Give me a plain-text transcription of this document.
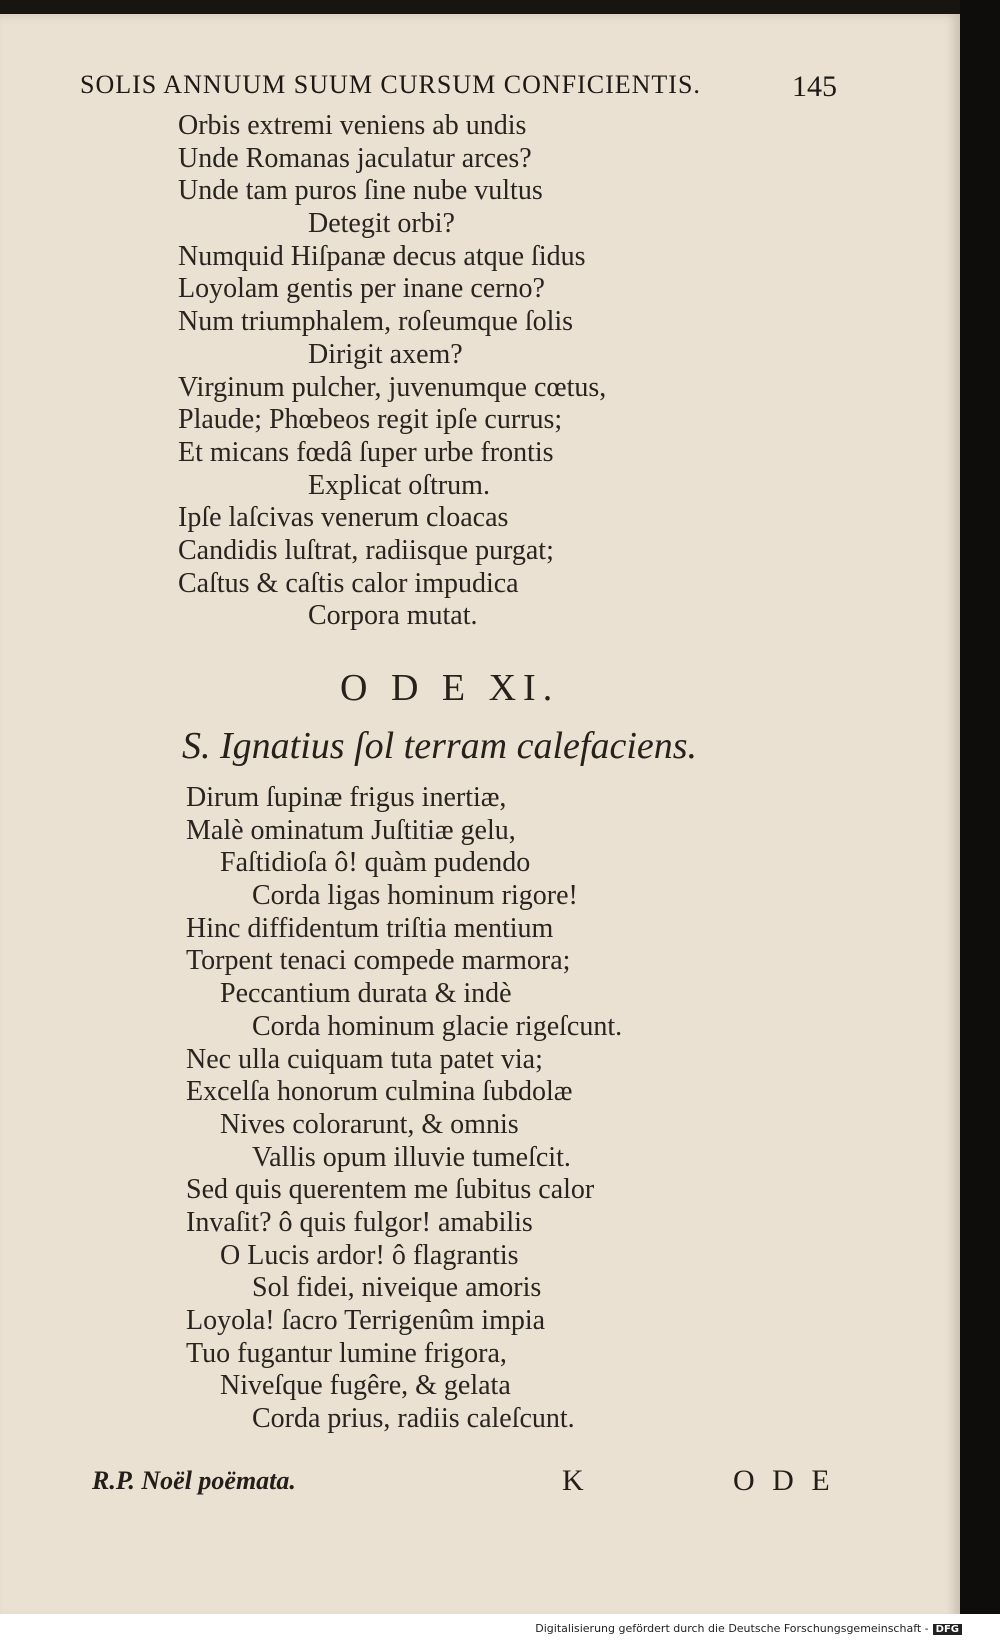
SOLIS ANNUUM SUUM CURSUM CONFICIENTIS.	145
Orbis extremi veniens ab undis
Unde Romanas jaculatur arces?
Unde tam puros ſine nube vultus
Detegit orbi?
Numquid Hiſpanæ decus atque ſidus
Loyolam gentis per inane cerno?
Num triumphalem, roſeumque ſolis
Dirigit axem?
Virginum pulcher, juvenumque cœtus,
Plaude; Phœbeos regit ipſe currus;
Et micans fœdâ ſuper urbe frontis
Explicat oſtrum.
Ipſe laſcivas venerum cloacas
Candidis luſtrat, radiisque purgat;
Caſtus & caſtis calor impudica
Corpora mutat.
O D E XI.
S. Ignatius ſol terram calefaciens.
Dirum ſupinæ frigus inertiæ,
Malè ominatum Juſtitiæ gelu,
Faſtidioſa ô! quàm pudendo
Corda ligas hominum rigore!
Hinc diffidentum triſtia mentium
Torpent tenaci compede marmora;
Peccantium durata & indè
Corda hominum glacie rigeſcunt.
Nec ulla cuiquam tuta patet via;
Excelſa honorum culmina ſubdolæ
Nives colorarunt, & omnis
Vallis opum illuvie tumeſcit.
Sed quis querentem me ſubitus calor
Invaſit? ô quis fulgor! amabilis
O Lucis ardor! ô flagrantis
Sol fidei, niveique amoris
Loyola! ſacro Terrigenûm impia
Tuo fugantur lumine frigora,
Niveſque fugêre, & gelata
Corda prius, radiis caleſcunt.
R.P. Noël poëmata.	K	O D E
Digitalisierung gefördert durch die Deutsche Forschungsgemeinschaft - DFG
